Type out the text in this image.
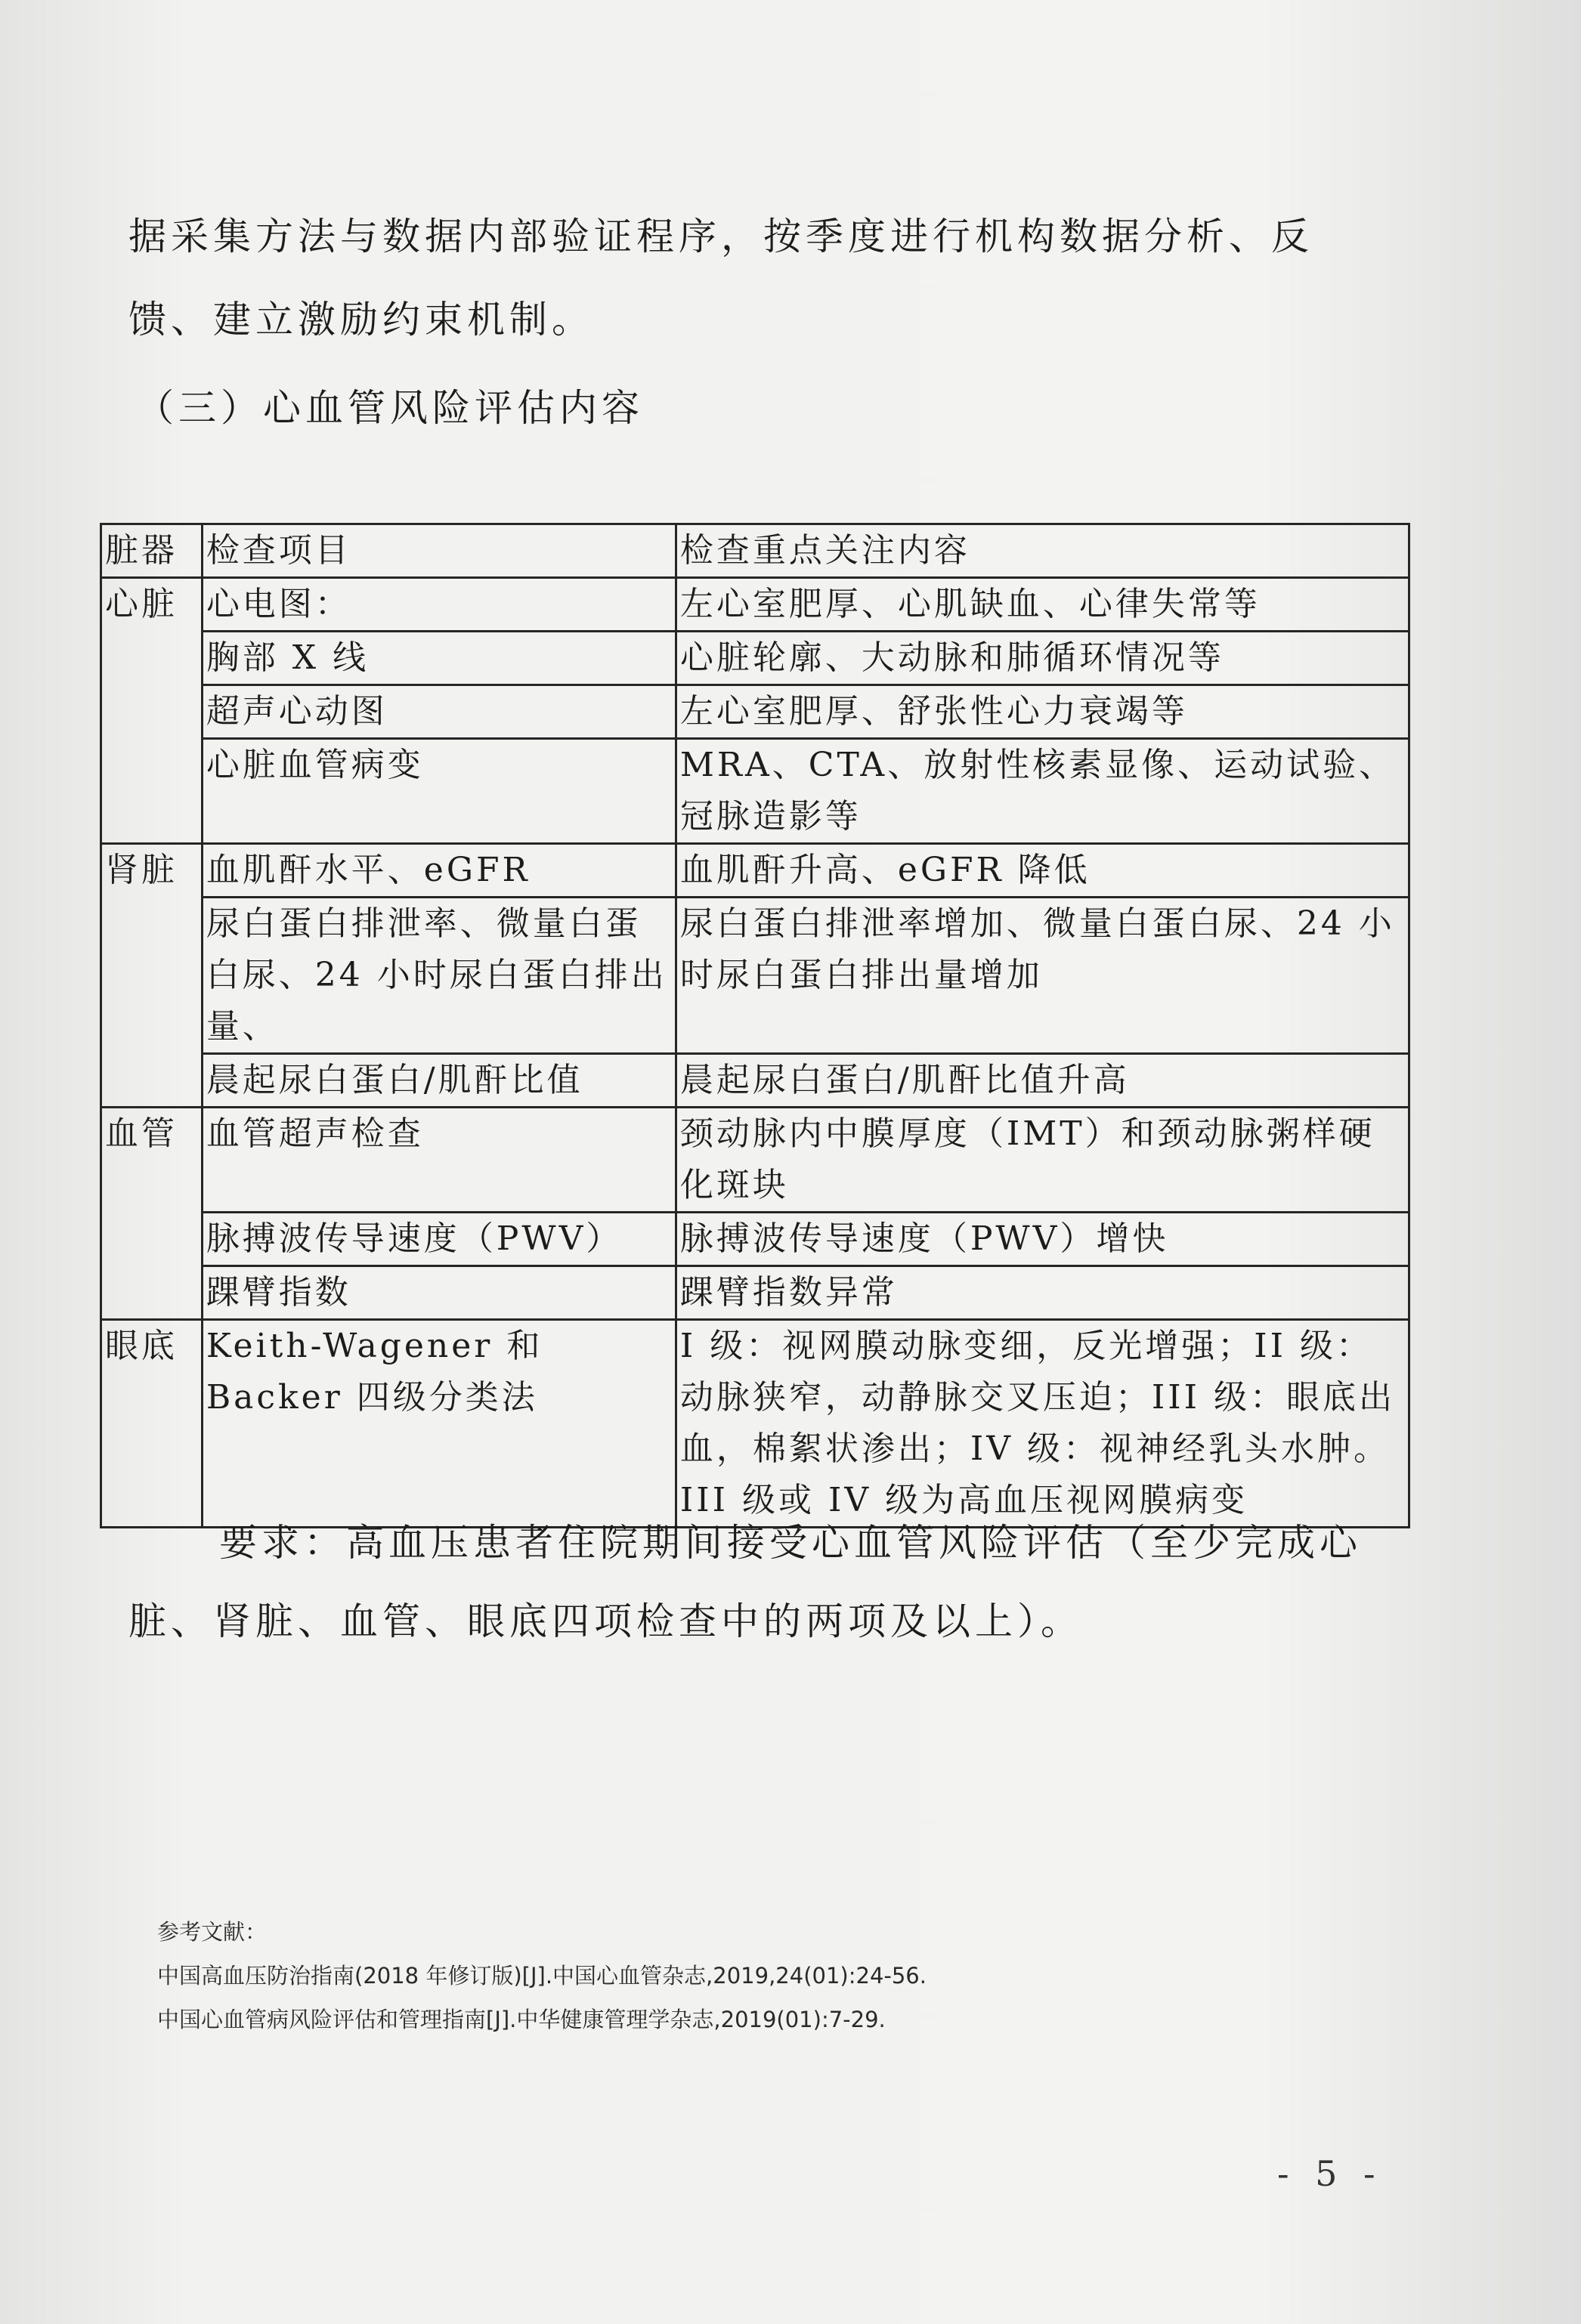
据采集方法与数据内部验证程序，按季度进行机构数据分析、反
馈、建立激励约束机制。
（三）心血管风险评估内容
脏器	检查项目	检查重点关注内容
心脏	心电图：	左心室肥厚、心肌缺血、心律失常等
	胸部 X 线	心脏轮廓、大动脉和肺循环情况等
	超声心动图	左心室肥厚、舒张性心力衰竭等
	心脏血管病变	MRA、CTA、放射性核素显像、运动试验、冠脉造影等
肾脏	血肌酐水平、eGFR	血肌酐升高、eGFR 降低
	尿白蛋白排泄率、微量白蛋白尿、24 小时尿白蛋白排出量、	尿白蛋白排泄率增加、微量白蛋白尿、24 小时尿白蛋白排出量增加
	晨起尿白蛋白/肌酐比值	晨起尿白蛋白/肌酐比值升高
血管	血管超声检查	颈动脉内中膜厚度（IMT）和颈动脉粥样硬化斑块
	脉搏波传导速度（PWV）	脉搏波传导速度（PWV）增快
	踝臂指数	踝臂指数异常
眼底	Keith-Wagener 和 Backer 四级分类法	I 级：视网膜动脉变细，反光增强；II 级：动脉狭窄，动静脉交叉压迫；III 级：眼底出血，棉絮状渗出；IV 级：视神经乳头水肿。III 级或 IV 级为高血压视网膜病变
要求：高血压患者住院期间接受心血管风险评估（至少完成心脏、肾脏、血管、眼底四项检查中的两项及以上）。
参考文献：
中国高血压防治指南(2018 年修订版)[J].中国心血管杂志,2019,24(01):24-56.
中国心血管病风险评估和管理指南[J].中华健康管理学杂志,2019(01):7-29.
- 5 -
